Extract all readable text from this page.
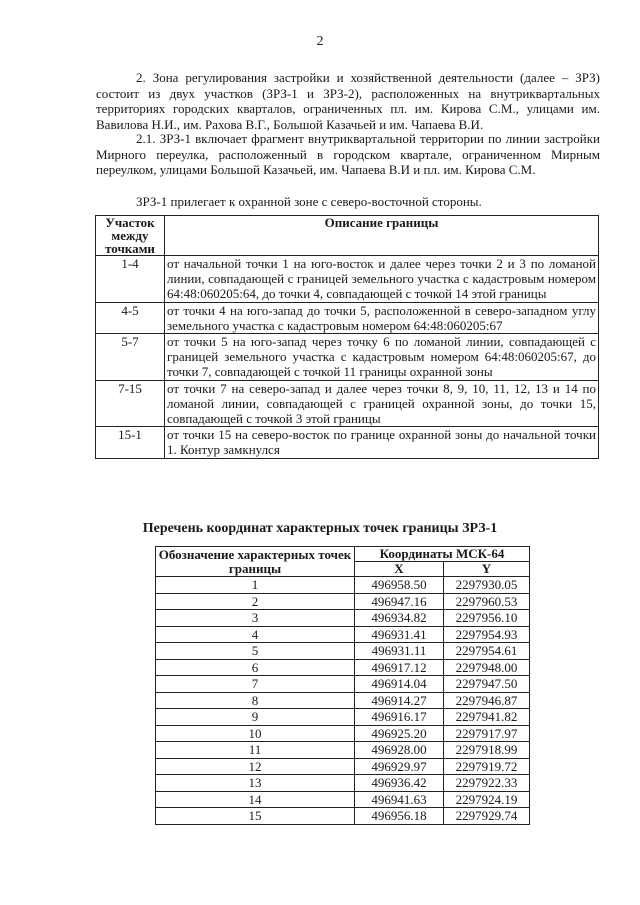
2
2. Зона регулирования застройки и хозяйственной деятельности (далее – ЗРЗ) состоит из двух участков (ЗРЗ-1 и ЗРЗ-2), расположенных на внутриквартальных территориях городских кварталов, ограниченных пл. им. Кирова С.М., улицами им. Вавилова Н.И., им. Рахова В.Г., Большой Казачьей и им. Чапаева В.И.
2.1. ЗРЗ-1 включает фрагмент внутриквартальной территории по линии застройки Мирного переулка, расположенный в городском квартале, ограниченном Мирным переулком, улицами Большой Казачьей, им. Чапаева В.И и пл. им. Кирова С.М.
ЗРЗ-1 прилегает к охранной зоне с северо-восточной стороны.
Участок между точками	Описание границы
1-4	от начальной точки 1 на юго-восток и далее через точки 2 и 3 по ломаной линии, совпадающей с границей земельного участка с кадастровым номером 64:48:060205:64, до точки 4, совпадающей с точкой 14 этой границы
4-5	от точки 4 на юго-запад до точки 5, расположенной в северо-западном углу земельного участка с кадастровым номером 64:48:060205:67
5-7	от точки 5 на юго-запад через точку 6 по ломаной линии, совпадающей с границей земельного участка с кадастровым номером 64:48:060205:67, до точки 7, совпадающей с точкой 11 границы охранной зоны
7-15	от точки 7 на северо-запад и далее через точки 8, 9, 10, 11, 12, 13 и 14 по ломаной линии, совпадающей с границей охранной зоны, до точки 15, совпадающей с точкой 3 этой границы
15-1	от точки 15 на северо-восток по границе охранной зоны до начальной точки 1. Контур замкнулся
Перечень координат характерных точек границы ЗРЗ-1
Обозначение характерных точек границы	Координаты МСК-64	
	X	Y
1	496958.50	2297930.05
2	496947.16	2297960.53
3	496934.82	2297956.10
4	496931.41	2297954.93
5	496931.11	2297954.61
6	496917.12	2297948.00
7	496914.04	2297947.50
8	496914.27	2297946.87
9	496916.17	2297941.82
10	496925.20	2297917.97
11	496928.00	2297918.99
12	496929.97	2297919.72
13	496936.42	2297922.33
14	496941.63	2297924.19
15	496956.18	2297929.74
